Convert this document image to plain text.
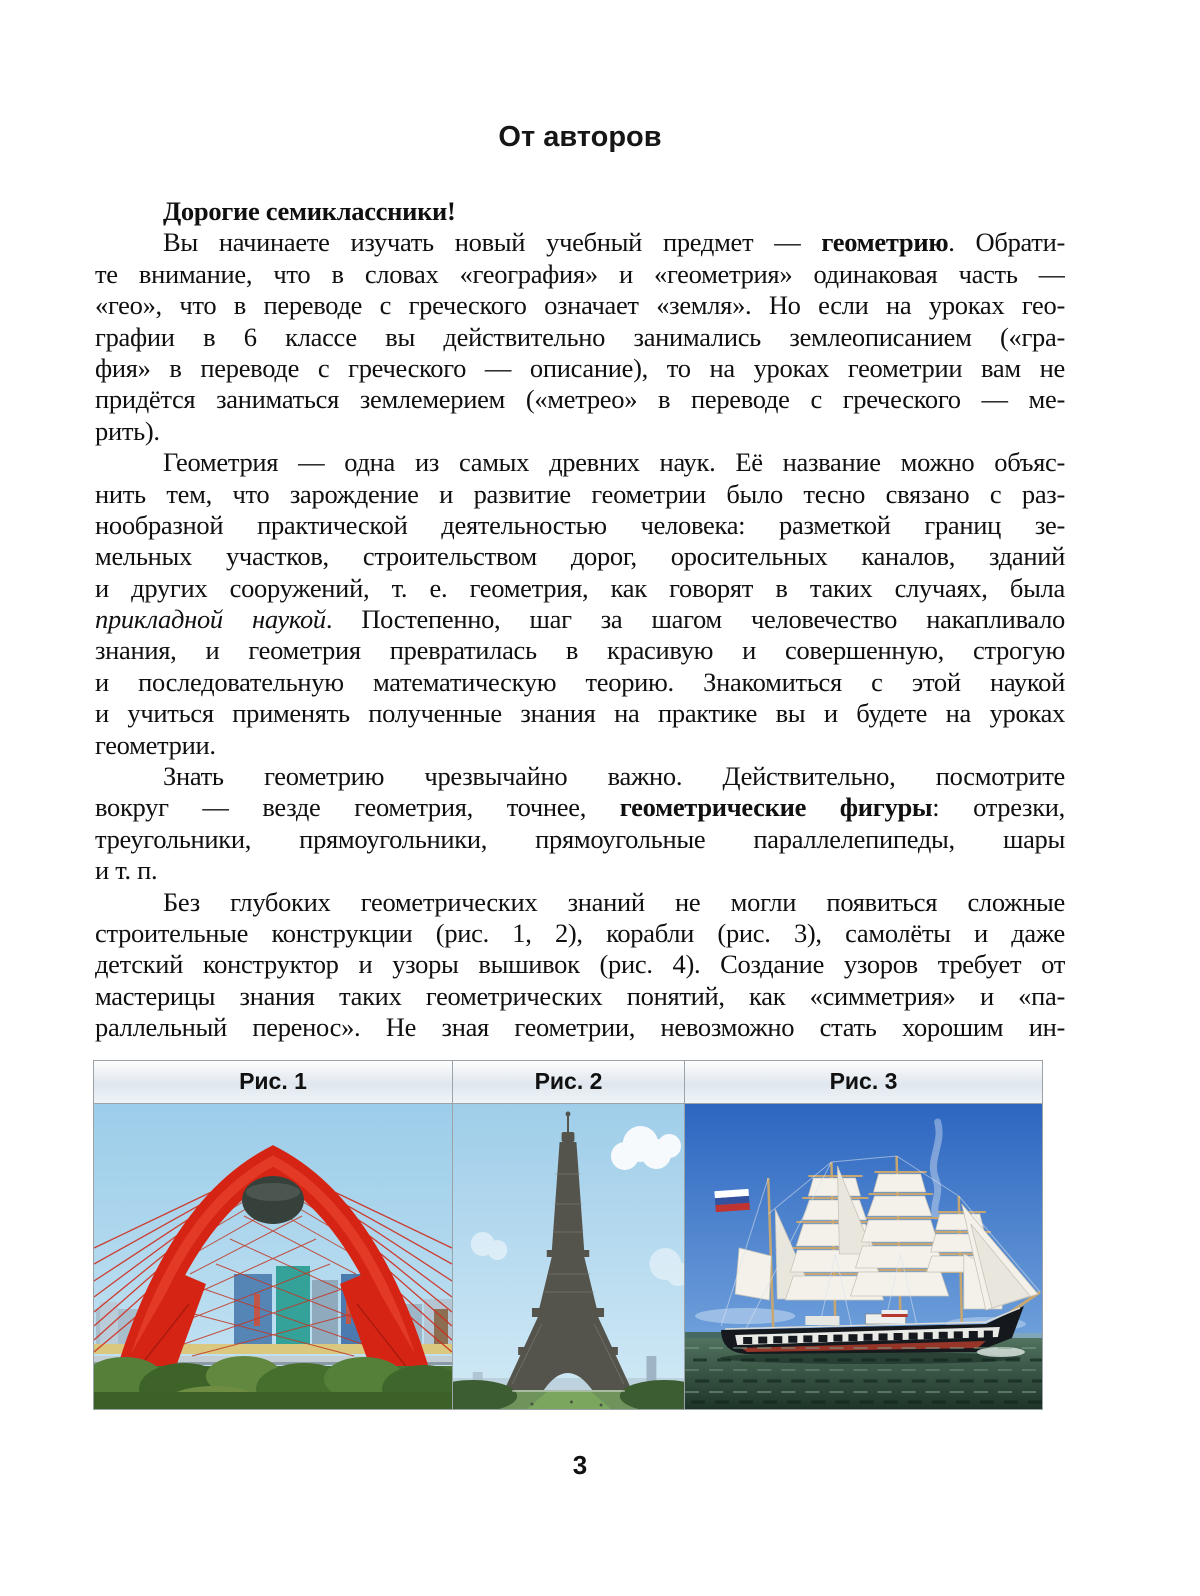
От авторов
Дорогие семиклассники!
Вы начинаете изучать новый учебный предмет — геометрию. Обрати-
те внимание, что в словах «география» и «геометрия» одинаковая часть —
«гео», что в переводе с греческого означает «земля». Но если на уроках гео-
графии в 6 классе вы действительно занимались землеописанием («гра-
фия» в переводе с греческого — описание), то на уроках геометрии вам не
придётся заниматься землемерием («метрео» в переводе с греческого — ме-
рить).
Геометрия — одна из самых древних наук. Её название можно объяс-
нить тем, что зарождение и развитие геометрии было тесно связано с раз-
нообразной практической деятельностью человека: разметкой границ зе-
мельных участков, строительством дорог, оросительных каналов, зданий
и других сооружений, т. е. геометрия, как говорят в таких случаях, была
прикладной наукой. Постепенно, шаг за шагом человечество накапливало
знания, и геометрия превратилась в красивую и совершенную, строгую
и последовательную математическую теорию. Знакомиться с этой наукой
и учиться применять полученные знания на практике вы и будете на уроках
геометрии.
Знать геометрию чрезвычайно важно. Действительно, посмотрите
вокруг — везде геометрия, точнее, геометрические фигуры: отрезки,
треугольники, прямоугольники, прямоугольные параллелепипеды, шары
и т. п.
Без глубоких геометрических знаний не могли появиться сложные
строительные конструкции (рис. 1, 2), корабли (рис. 3), самолёты и даже
детский конструктор и узоры вышивок (рис. 4). Создание узоров требует от
мастерицы знания таких геометрических понятий, как «симметрия» и «па-
раллельный перенос». Не зная геометрии, невозможно стать хорошим ин-
Рис. 1	Рис. 2	Рис. 3
3
